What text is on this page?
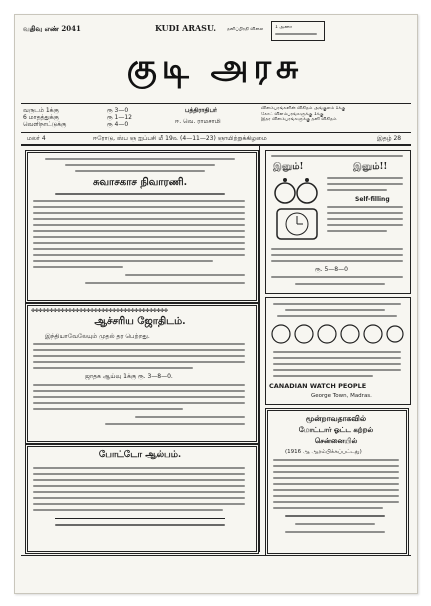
வதிவு எண் 2041	KUDI ARASU. தனிப்பிரதி விலை	1 அணா
குடி அரசு
வருடம் 1க்கு	ரூ 3—0
6 மாதத்துக்கு	ரூ 1—12
வெளிநாட்டுக்கு	ரூ 4—0
பத்திராதிபர்
ஈ. வெ. ராமசாமி
விளம்பரங்களின் விகிதம் அங்குலம் 1க்கு
கோட் விளம்பரங்களுக்கு 1க்கு
இதர விளம்பரங்களுக்கு தனி விகிதம்
மலர் 4	ஈரோடு, ஸ்ப ஞ ஐப்பசி மீ 19௳ (4—11—23) ஞாயிற்றுக்கிழமை	இதழ் 28
சுவாசகாச நிவாரணி.
✤✤✤✤✤✤✤✤✤✤✤✤✤✤✤✤✤✤✤✤✤✤✤✤✤✤✤✤✤✤✤✤✤✤✤✤✤
ஆச்சரிய ஜோதிடம்.
இந்தியாவேலேயும் முதல் தர பெற்றது.
ஜாதக ஆய்வு 1க்கு ரூ. 3—8—0.
போட்டோ ஆல்பம்.
இனும்!	இனும்!!
Self-filling
ரூ. 5—8—0
CANADIAN WATCH PEOPLE
George Town, Madras.
மூன்றாவதாகவில்
மோட்டார் ஓட்ட கற்றல்
சென்னையில்
(1916 ஆ ஆரம்பிக்கப்பட்டது)
